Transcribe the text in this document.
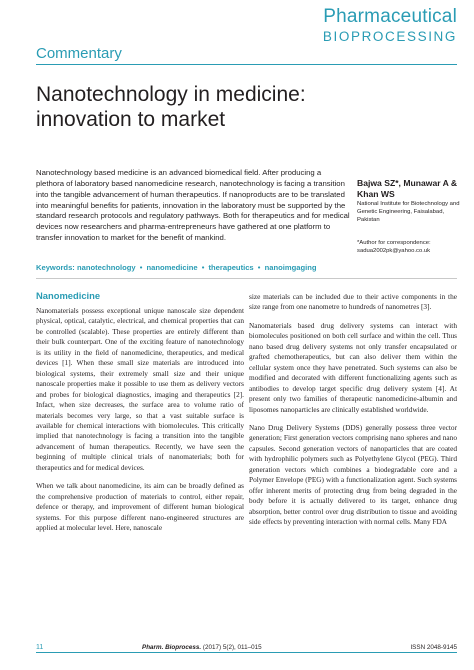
Pharmaceutical
BIOPROCESSING
Commentary
Nanotechnology in medicine:
innovation to market
Nanotechnology based medicine is an advanced biomedical field. After producing a plethora of laboratory based nanomedicine research, nanotechnology is facing a transition into the tangible advancement of human therapeutics. If nanoproducts are to be translated into meaningful benefits for patients, innovation in the laboratory must be supported by the standard research protocols and regulatory pathways. Both for therapeutics and for medical devices now researchers and pharma-entrepreneurs have gathered at one platform to transfer innovation to market for the benefit of mankind.
Bajwa SZ*, Munawar A & Khan WS
National Institute for Biotechnology and Genetic Engineering, Faisalabad, Pakistan
*Author for correspondence:
sadua2002pk@yahoo.co.uk
Keywords: nanotechnology • nanomedicine • therapeutics • nanoimgaging
Nanomedicine

Nanomaterials possess exceptional unique nanoscale size dependent physical, optical, catalytic, electrical, and chemical properties that can be controlled (scalable). These properties are entirely different than their bulk counterpart. One of the exciting feature of nanotechnology is its utility in the field of nanomedicine, therapeutics, and medical devices [1]. When these small size materials are introduced into biological systems, their extremely small size and their unique nanoscale properties make it possible to use them as delivery vectors and probes for biological diagnostics, imaging and therapeutics [2]. Infact, when size decreases, the surface area to volume ratio of materials becomes very large, so that a vast suitable surface is available for chemical interactions with biomolecules. This critically implied that nanotechnology is facing a transition into the tangible advancement of human therapeutics. Recently, we have seen the beginning of multiple clinical trials of nanomaterials; both for therapeutics and for medical devices.

When we talk about nanomedicine, its aim can be broadly defined as the comprehensive production of materials to control, either repair, defence or therapy, and improvement of different human biological systems. For this purpose different nano-engineered structures are applied at molecular level. Here, nanoscale

size materials can be included due to their active components in the size range from one nanometre to hundreds of nanometres [3].

Nanomaterials based drug delivery systems can interact with biomolecules positioned on both cell surface and within the cell. Thus nano based drug delivery systems not only transfer encapsulated or grafted chemotherapeutics, but can also deliver them within the cellular system once they have penetrated. Such systems can also be modified and decorated with different functionalizing agents such as antibodies to develop target specific drug delivery system [4]. At present only two families of therapeutic nanomedicine-albumin and liposomes nanoparticles are clinically established worldwide.

Nano Drug Delivery Systems (DDS) generally possess three vector generation; First generation vectors comprising nano spheres and nano capsules. Second generation vectors of nanoparticles that are coated with hydrophilic polymers such as Polyethylene Glycol (PEG). Third generation vectors which combines a biodegradable core and a Polymer Envelope (PEG) with a functionalization agent. Such systems offer inherent merits of protecting drug from being degraded in the body before it is actually delivered to its target, enhance drug absorption, better control over drug distribution to tissue and avoiding side effects by preventing interaction with normal cells. Many FDA

11	Pharm. Bioprocess. (2017) 5(2), 011–015	ISSN 2048-9145
